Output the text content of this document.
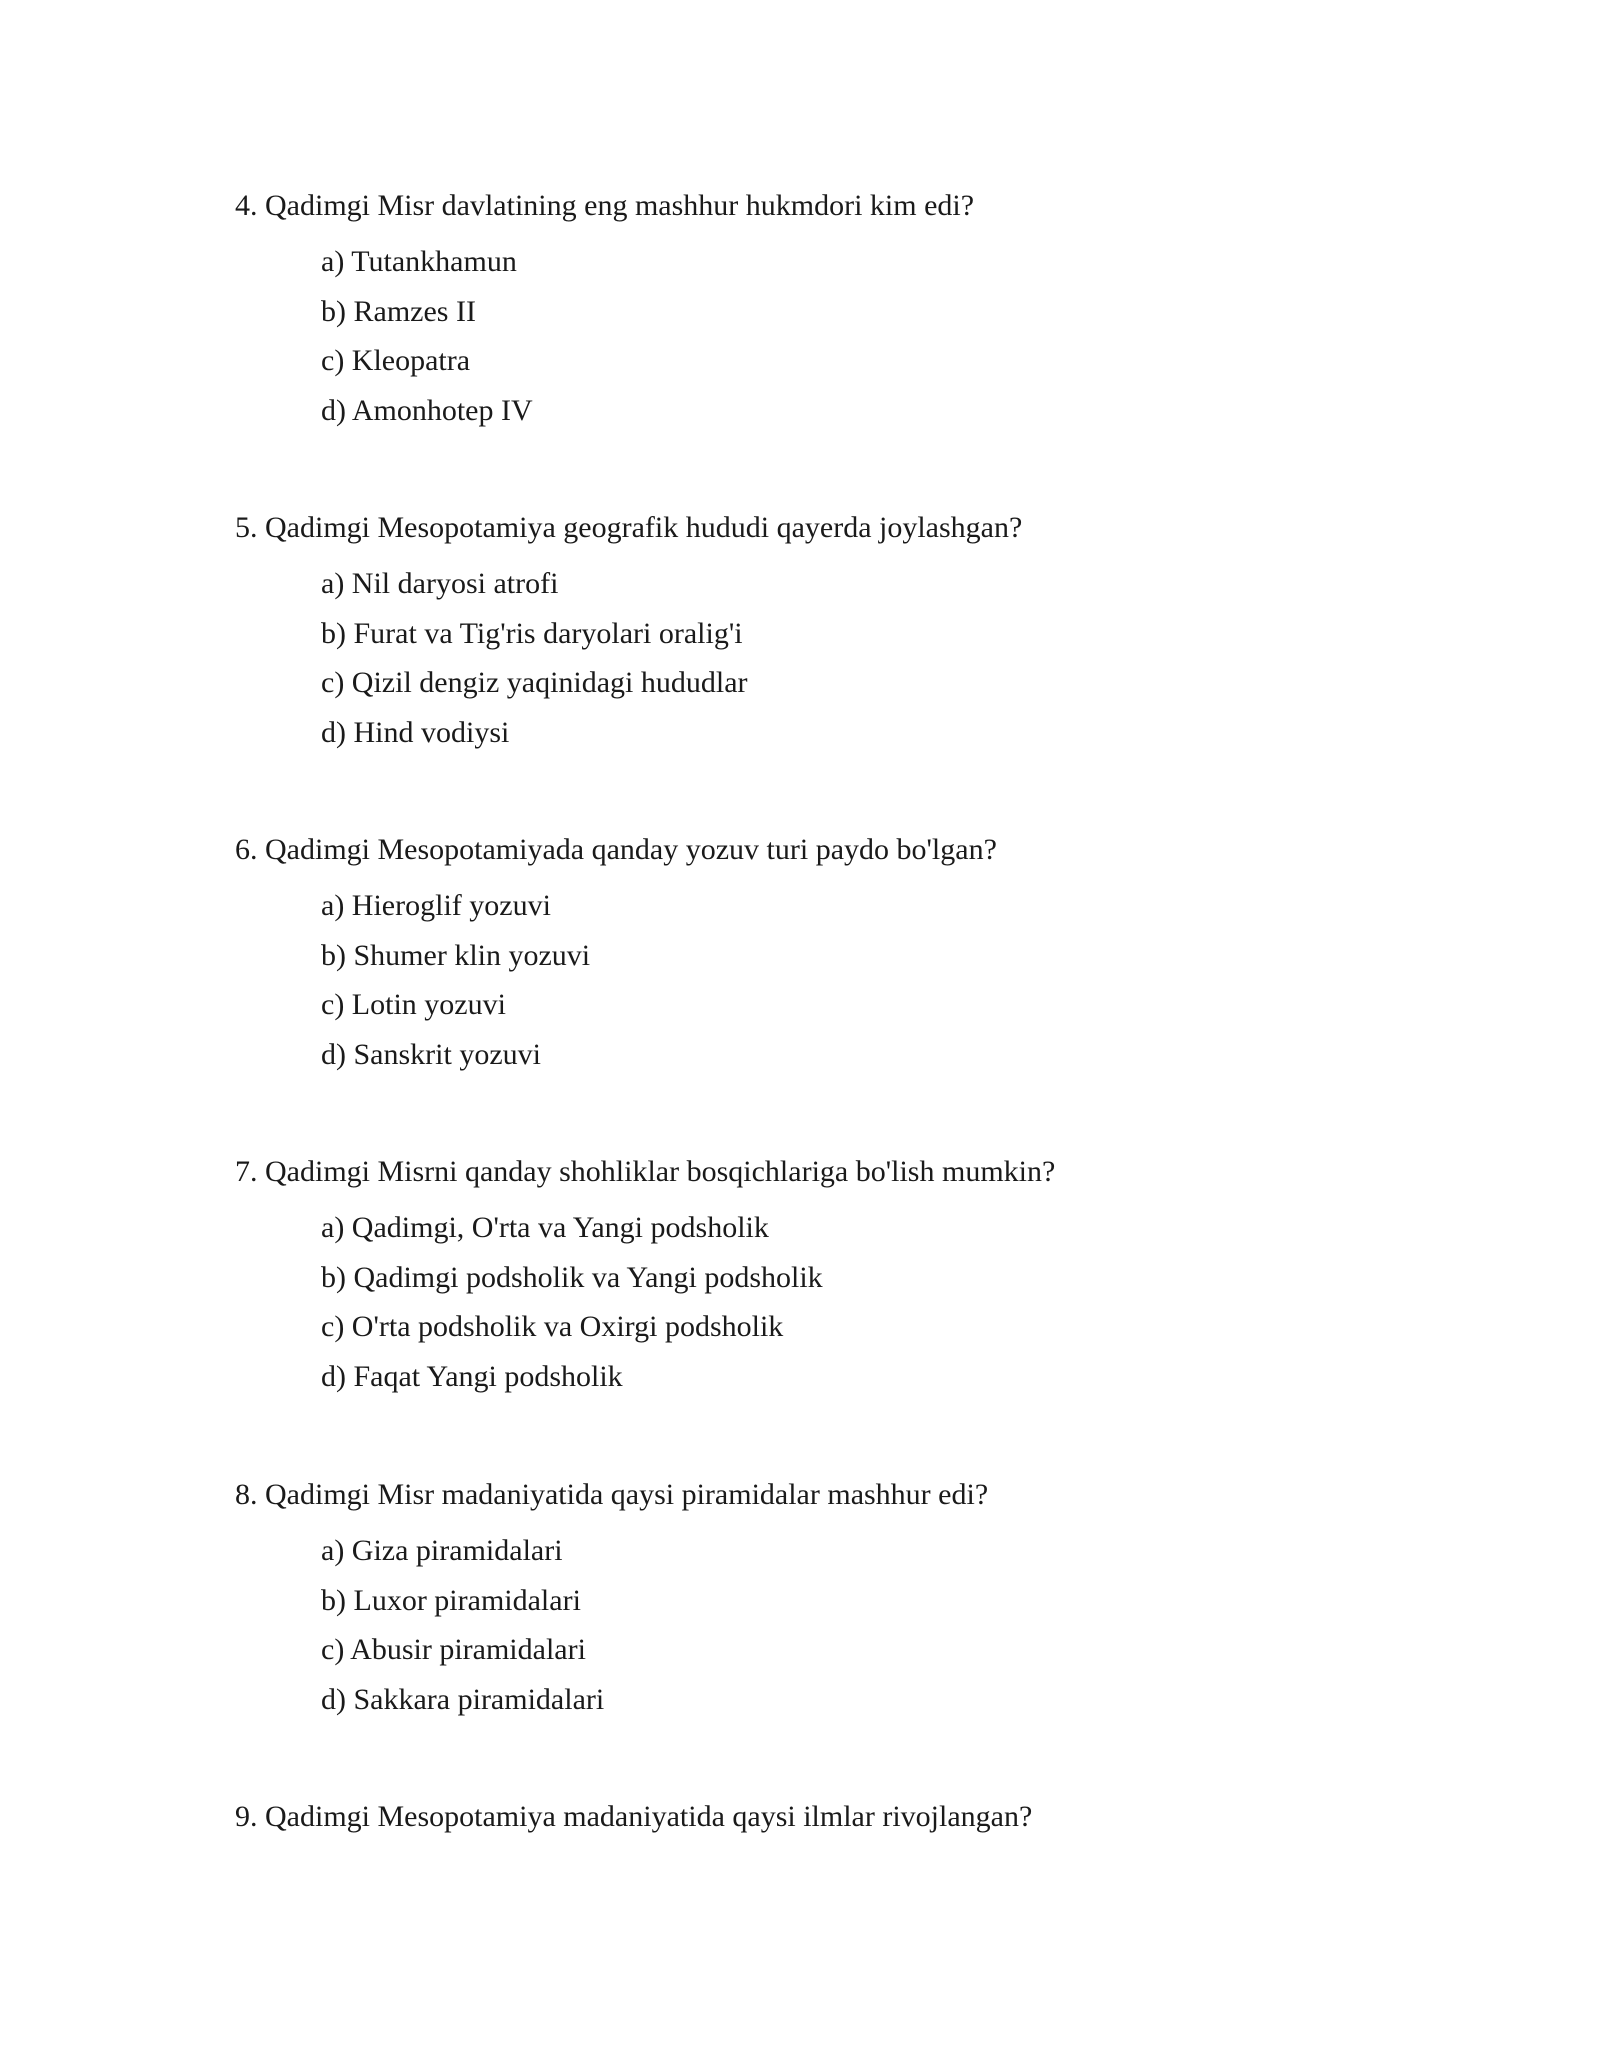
4. Qadimgi Misr davlatining eng mashhur hukmdori kim edi?

a) Tutankhamun
b) Ramzes II
c) Kleopatra
d) Amonhotep IV

5. Qadimgi Mesopotamiya geografik hududi qayerda joylashgan?

a) Nil daryosi atrofi
b) Furat va Tig'ris daryolari oralig'i
c) Qizil dengiz yaqinidagi hududlar
d) Hind vodiysi

6. Qadimgi Mesopotamiyada qanday yozuv turi paydo bo'lgan?

a) Hieroglif yozuvi
b) Shumer klin yozuvi
c) Lotin yozuvi
d) Sanskrit yozuvi

7. Qadimgi Misrni qanday shohliklar bosqichlariga bo'lish mumkin?

a) Qadimgi, O'rta va Yangi podsholik
b) Qadimgi podsholik va Yangi podsholik
c) O'rta podsholik va Oxirgi podsholik
d) Faqat Yangi podsholik

8. Qadimgi Misr madaniyatida qaysi piramidalar mashhur edi?

a) Giza piramidalari
b) Luxor piramidalari
c) Abusir piramidalari
d) Sakkara piramidalari

9. Qadimgi Mesopotamiya madaniyatida qaysi ilmlar rivojlangan?
